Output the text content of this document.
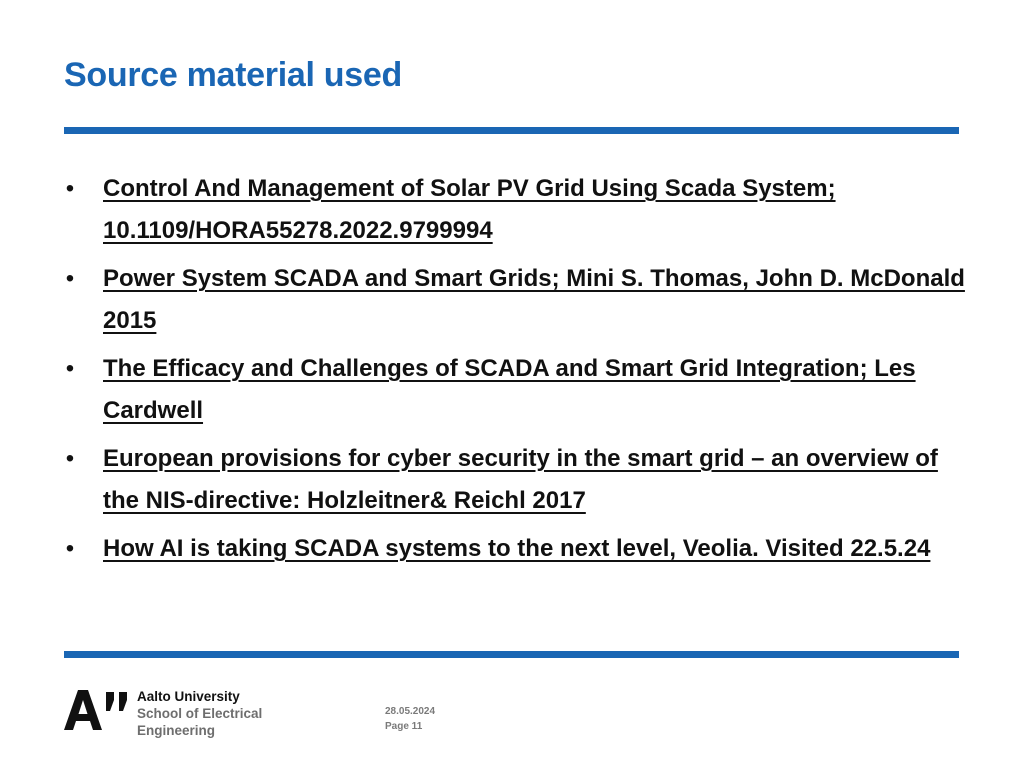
Source material used
• Control And Management of Solar PV Grid Using Scada System; 10.1109/HORA55278.2022.9799994
• Power System SCADA and Smart Grids; Mini S. Thomas, John D. McDonald 2015
• The Efficacy and Challenges of SCADA and Smart Grid Integration; Les Cardwell
• European provisions for cyber security in the smart grid – an overview of the NIS-directive: Holzleitner& Reichl 2017
• How AI is taking SCADA systems to the next level, Veolia. Visited 22.5.24
Aalto University
School of Electrical
Engineering
28.05.2024
Page 11
